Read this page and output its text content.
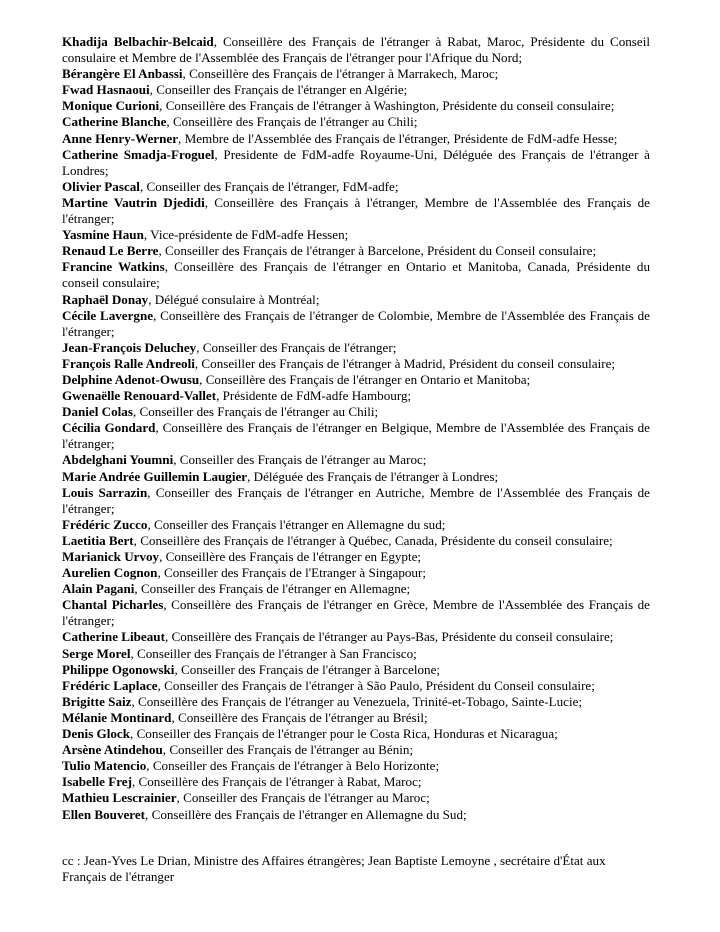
Khadija Belbachir-Belcaid, Conseillère des Français de l'étranger à Rabat, Maroc, Présidente du Conseil consulaire et Membre de l'Assemblée des Français de l'étranger pour l'Afrique du Nord;

Bérangère El Anbassi, Conseillère des Français de l'étranger à Marrakech, Maroc;

Fwad Hasnaoui, Conseiller des Français de l'étranger en Algérie;

Monique Curioni, Conseillère des Français de l'étranger à Washington, Présidente du conseil consulaire;

Catherine Blanche, Conseillère des Français de l'étranger au Chili;

Anne Henry-Werner, Membre de l'Assemblée des Français de l'étranger, Présidente de FdM-adfe Hesse;

Catherine Smadja-Froguel, Presidente de FdM-adfe Royaume-Uni, Déléguée des Français de l'étranger à Londres;

Olivier Pascal, Conseiller des Français de l'étranger, FdM-adfe;

Martine Vautrin Djedidi, Conseillère des Français à l'étranger, Membre de l'Assemblée des Français de l'étranger;

Yasmine Haun, Vice-présidente de FdM-adfe Hessen;

Renaud Le Berre, Conseiller des Français de l'étranger à Barcelone, Président du Conseil consulaire;

Francine Watkins, Conseillère des Français de l'étranger en Ontario et Manitoba, Canada, Présidente du conseil consulaire;

Raphaël Donay, Délégué consulaire à Montréal;

Cécile Lavergne, Conseillère des Français de l'étranger de Colombie, Membre de l'Assemblée des Français de l'étranger;

Jean-François Deluchey, Conseiller des Français de l'étranger;

François Ralle Andreoli, Conseiller des Français de l'étranger à Madrid, Président du conseil consulaire;

Delphine Adenot-Owusu, Conseillère des Français de l'étranger en Ontario et Manitoba;

Gwenaëlle Renouard-Vallet, Présidente de FdM-adfe Hambourg;

Daniel Colas, Conseiller des Français de l'étranger au Chili;

Cécilia Gondard, Conseillère des Français de l'étranger en Belgique, Membre de l'Assemblée des Français de l'étranger;

Abdelghani Youmni, Conseiller des Français de l'étranger au Maroc;

Marie Andrée Guillemin Laugier, Déléguée des Français de l'étranger à Londres;

Louis Sarrazin, Conseiller des Français de l'étranger en Autriche, Membre de l'Assemblée des Français de l'étranger;

Frédéric Zucco, Conseiller des Français l'étranger en Allemagne du sud;

Laetitia Bert, Conseillère des Français de l'étranger à Québec, Canada, Présidente du conseil consulaire;

Marianick Urvoy, Conseillère des Français de l'étranger en Egypte;

Aurelien Cognon, Conseiller des Français de l'Etranger à Singapour;

Alain Pagani, Conseiller des Français de l'étranger en Allemagne;

Chantal Picharles, Conseillère des Français de l'étranger en Grèce, Membre de l'Assemblée des Français de l'étranger;

Catherine Libeaut, Conseillère des Français de l'étranger au Pays-Bas, Présidente du conseil consulaire;

Serge Morel, Conseiller des Français de l'étranger à San Francisco;

Philippe Ogonowski, Conseiller des Français de l'étranger à Barcelone;

Frédéric Laplace, Conseiller des Français de l'étranger à São Paulo, Président du Conseil consulaire;

Brigitte Saiz, Conseillère des Français de l'étranger au Venezuela, Trinité-et-Tobago, Sainte-Lucie;

Mélanie Montinard, Conseillère des Français de l'étranger au Brésil;

Denis Glock, Conseiller des Français de l'étranger pour le Costa Rica, Honduras et Nicaragua;

Arsène Atindehou, Conseiller des Français de l'étranger au Bénin;

Tulio Matencio, Conseiller des Français de l'étranger à Belo Horizonte;

Isabelle Frej, Conseillère des Français de l'étranger à Rabat, Maroc;

Mathieu Lescrainier, Conseiller des Français de l'étranger au Maroc;

Ellen Bouveret, Conseillère des Français de l'étranger en Allemagne du Sud;

cc : Jean-Yves Le Drian, Ministre des Affaires étrangères; Jean Baptiste Lemoyne , secrétaire d'État aux Français de l'étranger
